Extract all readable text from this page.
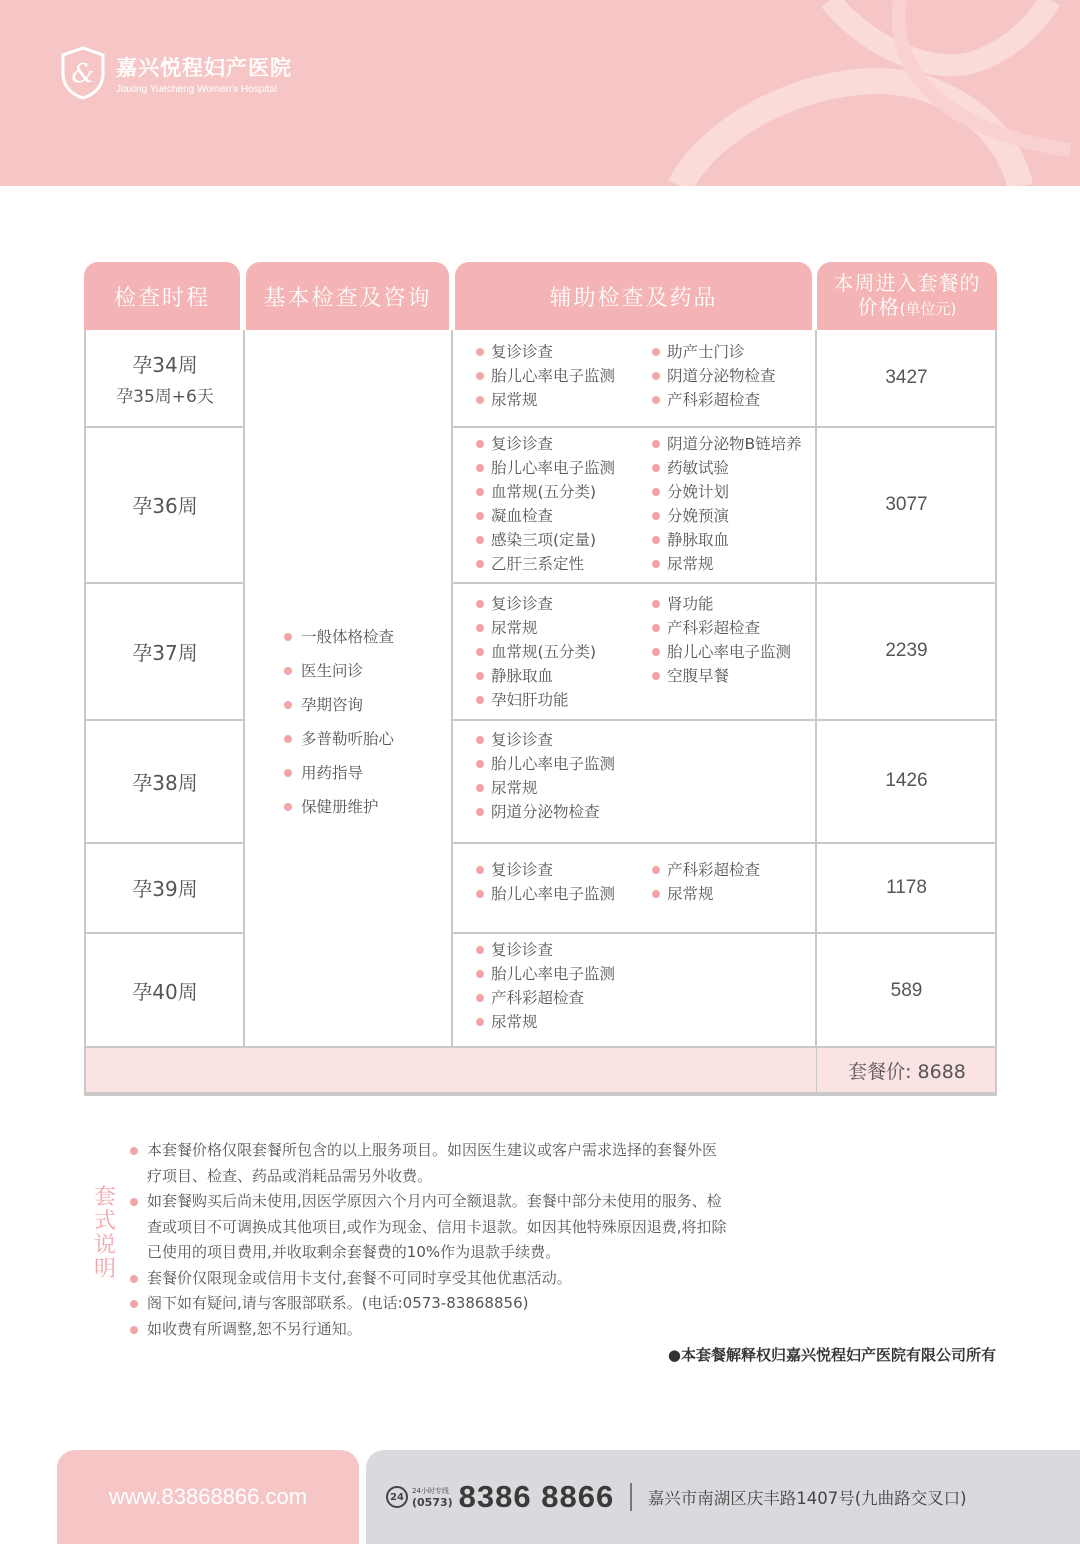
& 嘉兴悦程妇产医院
Jiaxing Yuecheng Women's Hospital
检查时程	基本检查及咨询	辅助检查及药品
本周进入套餐的
价格(单位元)
孕34周
孕35周+6天
复诊诊查	助产士门诊
胎儿心率电子监测	阴道分泌物检查
尿常规	产科彩超检查
3427
孕36周
复诊诊查	阴道分泌物B链培养
胎儿心率电子监测	药敏试验
血常规(五分类)	分娩计划
凝血检查	分娩预演
感染三项(定量)	静脉取血
乙肝三系定性	尿常规
3077
孕37周
复诊诊查	肾功能
尿常规	产科彩超检查
血常规(五分类)	胎儿心率电子监测
静脉取血	空腹早餐
孕妇肝功能
2239
孕38周
复诊诊查
胎儿心率电子监测
尿常规
阴道分泌物检查
1426
孕39周
复诊诊查	产科彩超检查
胎儿心率电子监测	尿常规	1178
孕40周
复诊诊查
胎儿心率电子监测
产科彩超检查
尿常规
589
一般体格检查
医生问诊
孕期咨询
多普勒听胎心
用药指导
保健册维护
套餐价: 8688
套
式
说
明
本套餐价格仅限套餐所包含的以上服务项目。如因医生建议或客户需求选择的套餐外医疗项目、检查、药品或消耗品需另外收费。
如套餐购买后尚未使用,因医学原因六个月内可全额退款。套餐中部分未使用的服务、检查或项目不可调换成其他项目,或作为现金、信用卡退款。如因其他特殊原因退费,将扣除已使用的项目费用,并收取剩余套餐费的10%作为退款手续费。
套餐价仅限现金或信用卡支付,套餐不可同时享受其他优惠活动。
阁下如有疑问,请与客服部联系。(电话:0573-83868856)
如收费有所调整,恕不另行通知。
●本套餐解释权归嘉兴悦程妇产医院有限公司所有
www.83868866.com	24
24小时专线
(0573) 8386 8866 嘉兴市南湖区庆丰路1407号(九曲路交叉口)
